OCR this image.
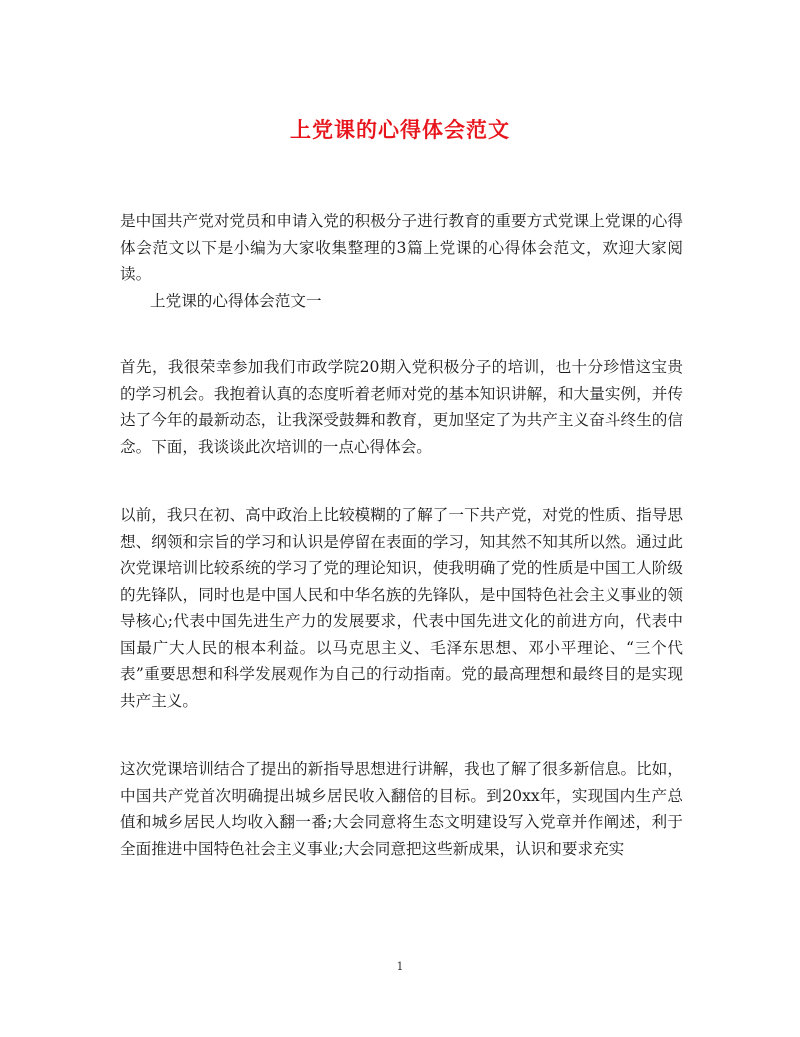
上党课的心得体会范文

是中国共产党对党员和申请入党的积极分子进行教育的重要方式党课上党课的心得体会范文以下是小编为大家收集整理的3篇上党课的心得体会范文，欢迎大家阅读。

上党课的心得体会范文一

首先，我很荣幸参加我们市政学院20期入党积极分子的培训，也十分珍惜这宝贵的学习机会。我抱着认真的态度听着老师对党的基本知识讲解，和大量实例，并传达了今年的最新动态，让我深受鼓舞和教育，更加坚定了为共产主义奋斗终生的信念。下面，我谈谈此次培训的一点心得体会。

以前，我只在初、高中政治上比较模糊的了解了一下共产党，对党的性质、指导思想、纲领和宗旨的学习和认识是停留在表面的学习，知其然不知其所以然。通过此次党课培训比较系统的学习了党的理论知识，使我明确了党的性质是中国工人阶级的先锋队，同时也是中国人民和中华名族的先锋队，是中国特色社会主义事业的领导核心;代表中国先进生产力的发展要求，代表中国先进文化的前进方向，代表中国最广大人民的根本利益。以马克思主义、毛泽东思想、邓小平理论、“三个代表”重要思想和科学发展观作为自己的行动指南。党的最高理想和最终目的是实现共产主义。

这次党课培训结合了提出的新指导思想进行讲解，我也了解了很多新信息。比如，中国共产党首次明确提出城乡居民收入翻倍的目标。到20xx年，实现国内生产总值和城乡居民人均收入翻一番;大会同意将生态文明建设写入党章并作阐述，利于全面推进中国特色社会主义事业;大会同意把这些新成果，认识和要求充实

1
